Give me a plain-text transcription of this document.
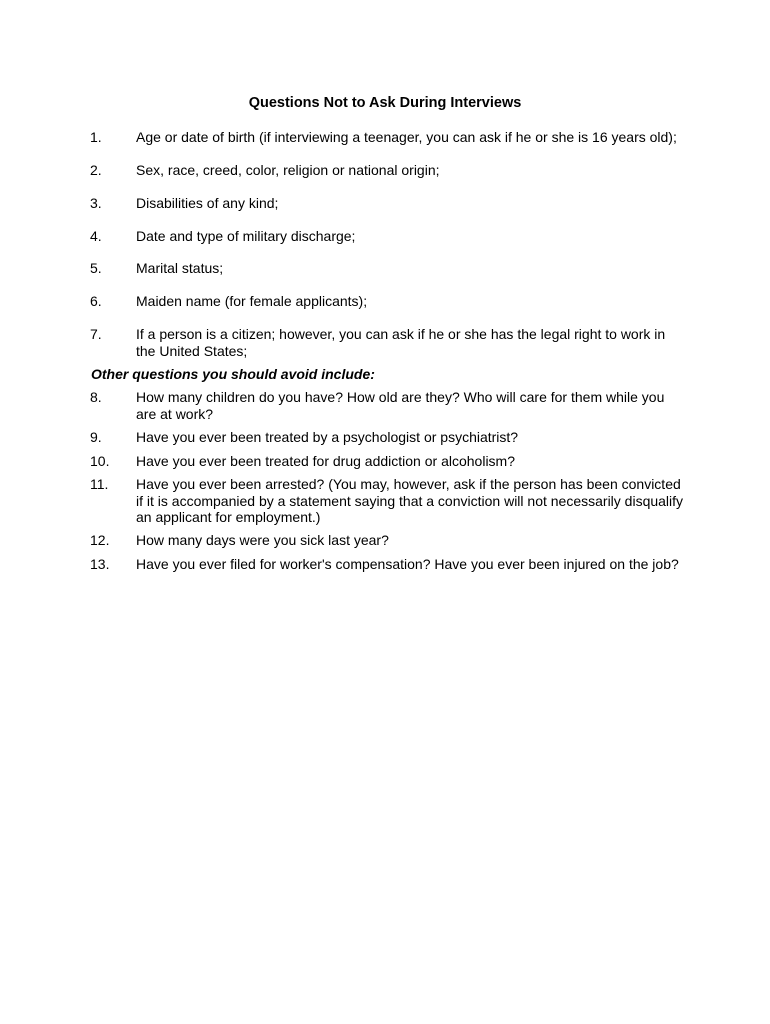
Questions Not to Ask During Interviews
1. Age or date of birth (if interviewing a teenager, you can ask if he or she is 16 years old);
2. Sex, race, creed, color, religion or national origin;
3. Disabilities of any kind;
4. Date and type of military discharge;
5. Marital status;
6. Maiden name (for female applicants);
7. If a person is a citizen; however, you can ask if he or she has the legal right to work in the United States;
Other questions you should avoid include:
8. How many children do you have? How old are they? Who will care for them while you are at work?
9. Have you ever been treated by a psychologist or psychiatrist?
10. Have you ever been treated for drug addiction or alcoholism?
11. Have you ever been arrested? (You may, however, ask if the person has been convicted if it is accompanied by a statement saying that a conviction will not necessarily disqualify an applicant for employment.)
12. How many days were you sick last year?
13. Have you ever filed for worker's compensation? Have you ever been injured on the job?
